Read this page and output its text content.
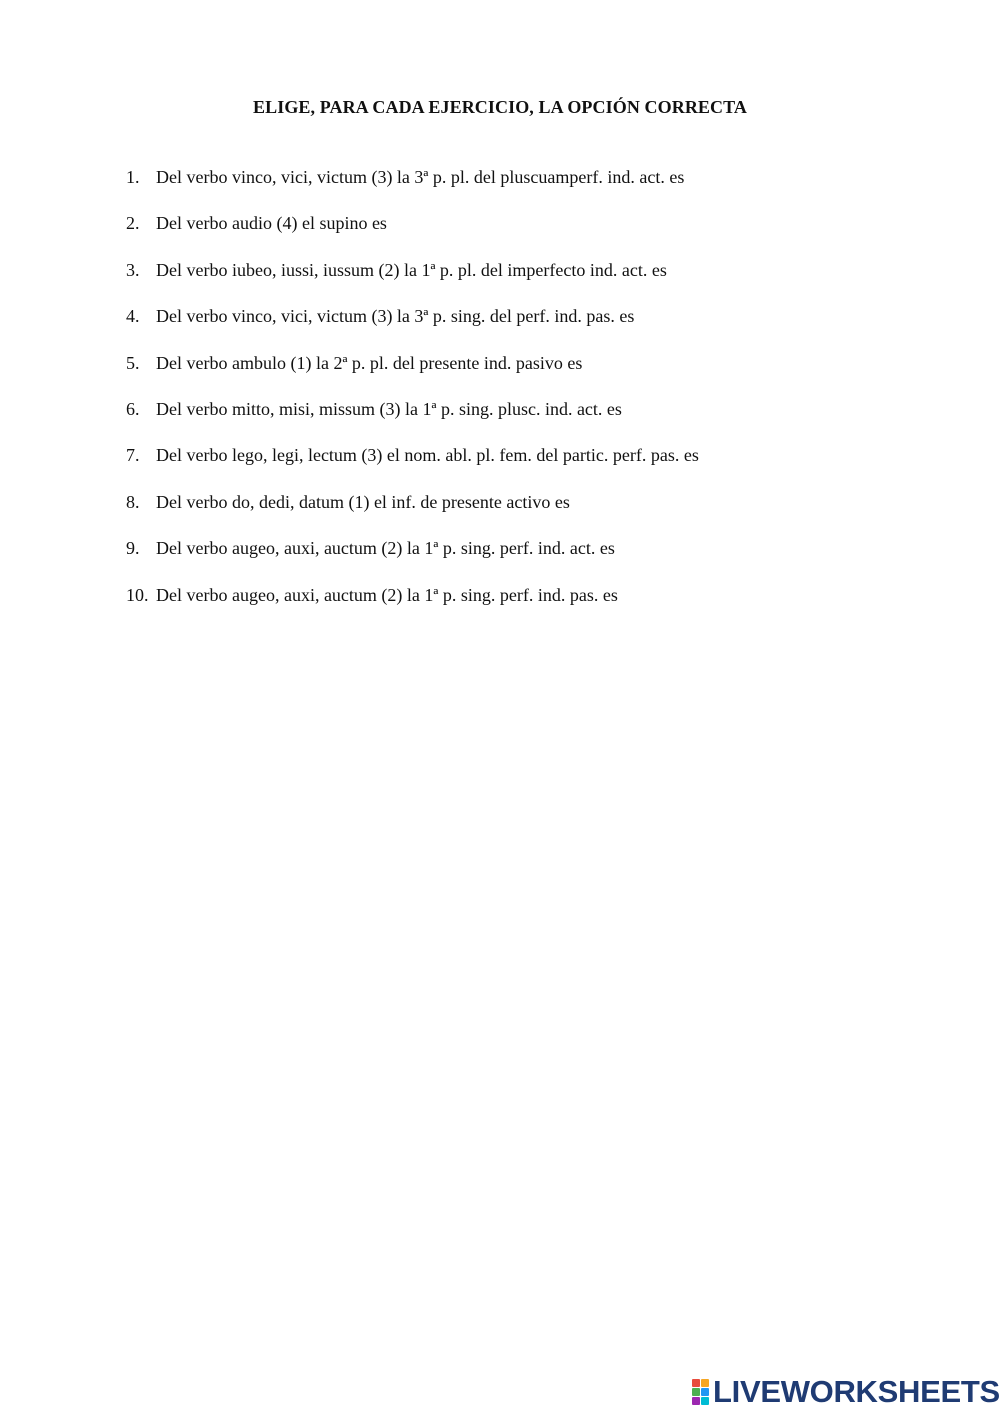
ELIGE, PARA CADA EJERCICIO, LA OPCIÓN CORRECTA
1. Del verbo vinco, vici, victum (3) la 3ª p. pl. del pluscuamperf. ind. act. es
2. Del verbo audio (4) el supino es
3. Del verbo iubeo, iussi, iussum (2) la 1ª p. pl. del imperfecto ind. act. es
4. Del verbo vinco, vici, victum (3) la 3ª p. sing. del perf. ind. pas. es
5. Del verbo ambulo (1) la 2ª p. pl. del presente ind. pasivo es
6. Del verbo mitto, misi, missum (3) la 1ª p. sing. plusc. ind. act. es
7. Del verbo lego, legi, lectum (3) el nom. abl. pl. fem. del partic. perf. pas. es
8. Del verbo do, dedi, datum (1) el inf. de presente activo es
9. Del verbo augeo, auxi, auctum (2) la 1ª p. sing. perf. ind. act. es
10. Del verbo augeo, auxi, auctum (2) la 1ª p. sing. perf. ind. pas. es
LIVEWORKSHEETS
